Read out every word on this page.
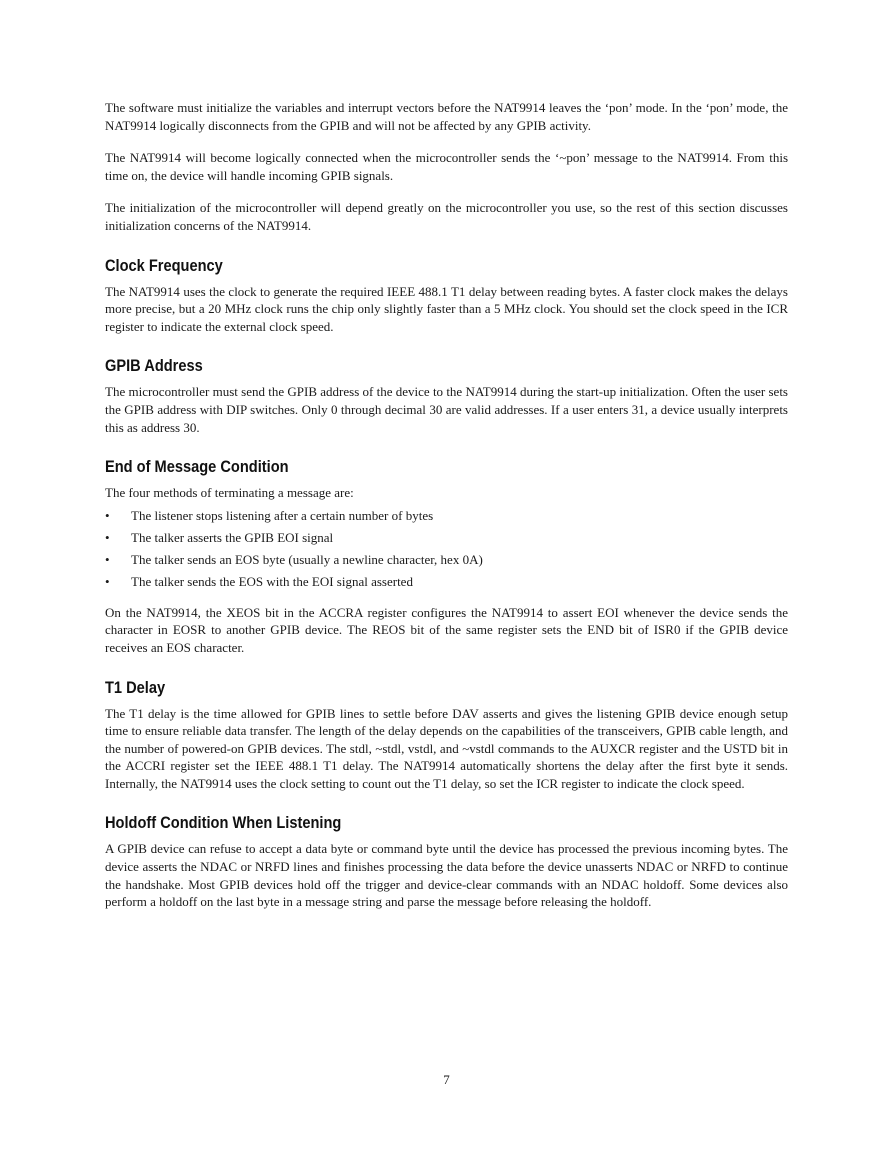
The software must initialize the variables and interrupt vectors before the NAT9914 leaves the ‘pon’ mode. In the ‘pon’ mode, the NAT9914 logically disconnects from the GPIB and will not be affected by any GPIB activity.

The NAT9914 will become logically connected when the microcontroller sends the ‘~pon’ message to the NAT9914. From this time on, the device will handle incoming GPIB signals.

The initialization of the microcontroller will depend greatly on the microcontroller you use, so the rest of this section discusses initialization concerns of the NAT9914.

Clock Frequency

The NAT9914 uses the clock to generate the required IEEE 488.1 T1 delay between reading bytes. A faster clock makes the delays more precise, but a 20 MHz clock runs the chip only slightly faster than a 5 MHz clock. You should set the clock speed in the ICR register to indicate the external clock speed.

GPIB Address

The microcontroller must send the GPIB address of the device to the NAT9914 during the start-up initialization. Often the user sets the GPIB address with DIP switches. Only 0 through decimal 30 are valid addresses. If a user enters 31, a device usually interprets this as address 30.

End of Message Condition

The four methods of terminating a message are:

• The listener stops listening after a certain number of bytes
• The talker asserts the GPIB EOI signal
• The talker sends an EOS byte (usually a newline character, hex 0A)
• The talker sends the EOS with the EOI signal asserted

On the NAT9914, the XEOS bit in the ACCRA register configures the NAT9914 to assert EOI whenever the device sends the character in EOSR to another GPIB device. The REOS bit of the same register sets the END bit of ISR0 if the GPIB device receives an EOS character.

T1 Delay

The T1 delay is the time allowed for GPIB lines to settle before DAV asserts and gives the listening GPIB device enough setup time to ensure reliable data transfer. The length of the delay depends on the capabilities of the transceivers, GPIB cable length, and the number of powered-on GPIB devices. The stdl, ~stdl, vstdl, and ~vstdl commands to the AUXCR register and the USTD bit in the ACCRI register set the IEEE 488.1 T1 delay. The NAT9914 automatically shortens the delay after the first byte it sends. Internally, the NAT9914 uses the clock setting to count out the T1 delay, so set the ICR register to indicate the clock speed.

Holdoff Condition When Listening

A GPIB device can refuse to accept a data byte or command byte until the device has processed the previous incoming bytes. The device asserts the NDAC or NRFD lines and finishes processing the data before the device unasserts NDAC or NRFD to continue the handshake. Most GPIB devices hold off the trigger and device-clear commands with an NDAC holdoff. Some devices also perform a holdoff on the last byte in a message string and parse the message before releasing the holdoff.

7
